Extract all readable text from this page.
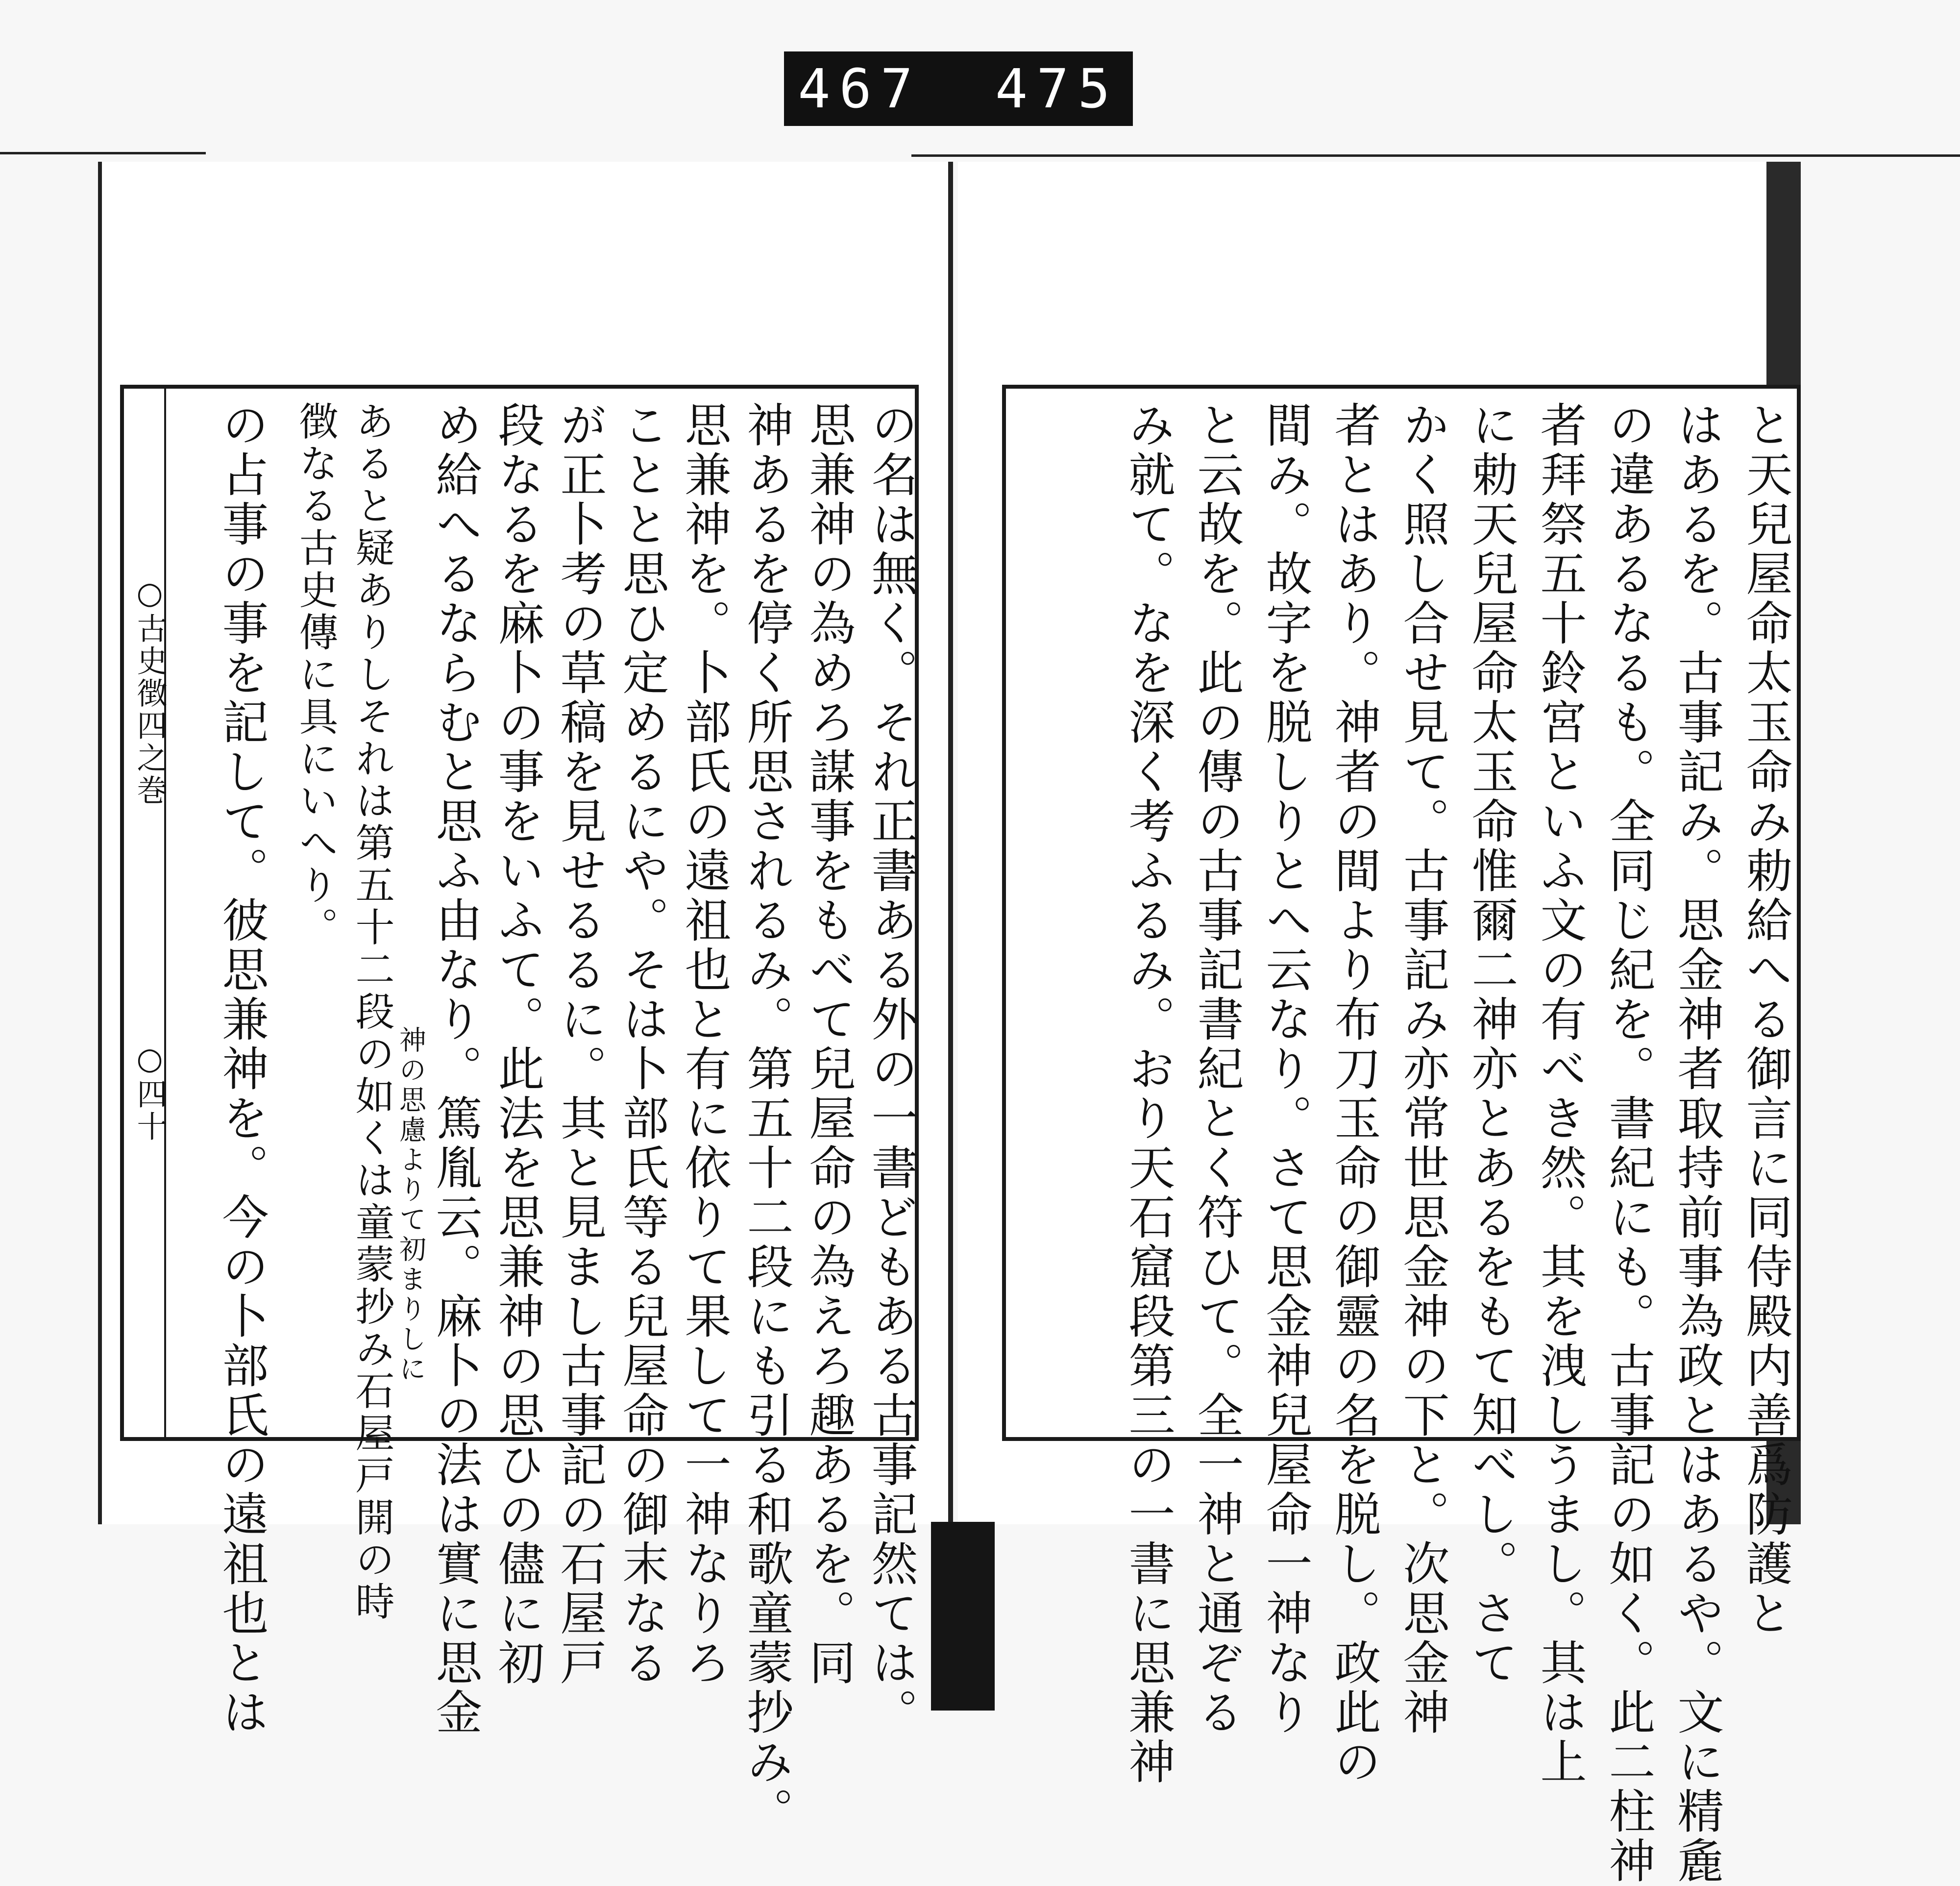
467 475
○古史徴四之巻
○四十	の名は無く。それ正書ある外の一書どもある古事記然ては。
思兼神の為めろ謀事をもべて兒屋命の為えろ趣あるを。同
神あるを停く所思されるみ。第五十二段にも引る和歌童蒙抄み。
思兼神を。卜部氏の遠祖也と有に依りて果して一神なりろ
ことと思ひ定めるにや。そは卜部氏等る兒屋命の御末なる
が正卜考の草稿を見せるるに。其と見まし古事記の石屋戸
段なるを麻卜の事をいふて。此法を思兼神の思ひの儘に初
め給へるならむと思ふ由なり。篤胤云。麻卜の法は實に思金
神の思慮よりて初まりしに
あると疑ありしそれは第五十二段の如くは童蒙抄み石屋戸開の時
徴なる古史傳に具にいへり。
の占事の事を記して。彼思兼神を。今の卜部氏の遠祖也とは	と天兒屋命太玉命み勅給へる御言に同侍殿内善爲防護と
はあるを。古事記み。思金神者取持前事為政とはあるや。文に精麁
の違あるなるも。全同じ紀を。書紀にも。古事記の如く。此二柱神
者拜祭五十鈴宮といふ文の有べき然。其を洩しうまし。其は上
に勅天兒屋命太玉命惟爾二神亦とあるをもて知べし。さて
かく照し合せ見て。古事記み亦常世思金神の下と。次思金神
者とはあり。神者の間より布刀玉命の御靈の名を脱し。政此の
間み。故字を脱しりとへ云なり。さて思金神兒屋命一神なり
と云故を。此の傳の古事記書紀とく符ひて。全一神と通ぞる
み就て。なを深く考ふるみ。おり天石窟段第三の一書に思兼神
